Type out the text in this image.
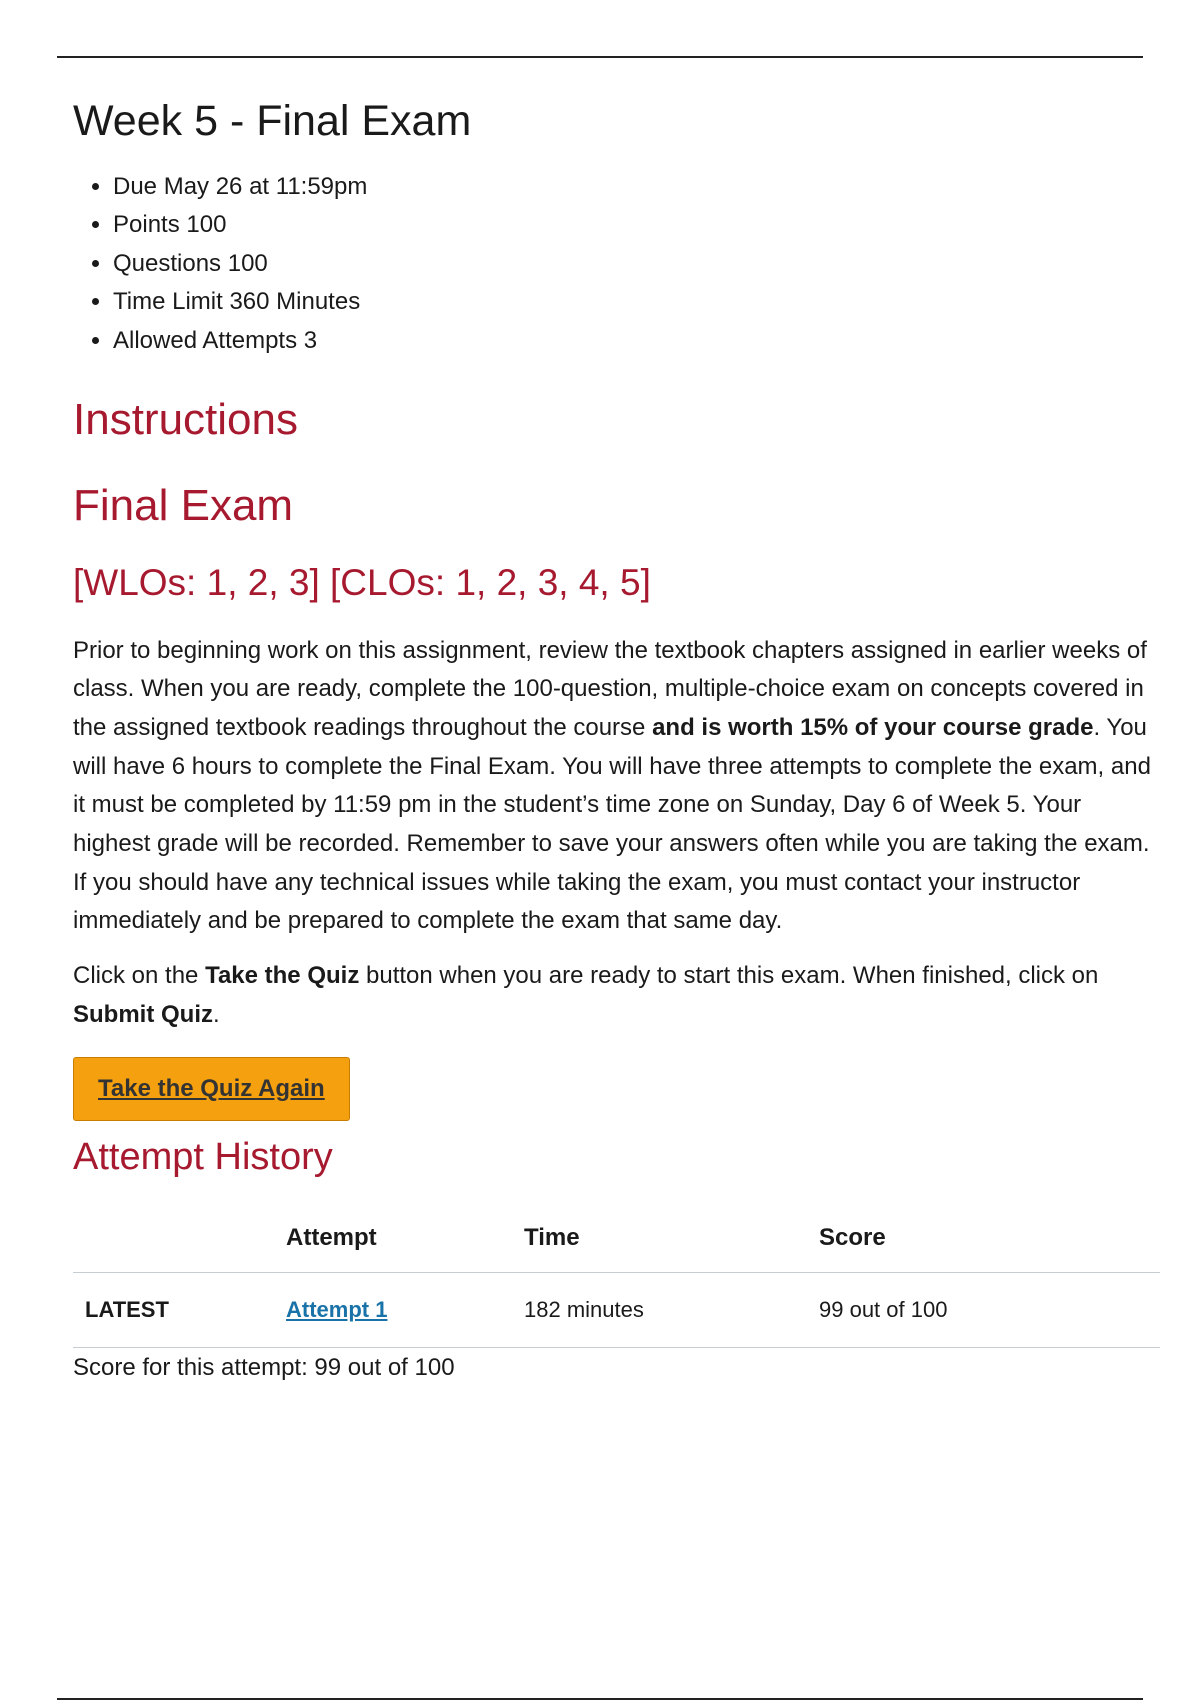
Week 5 - Final Exam
• Due May 26 at 11:59pm
• Points 100
• Questions 100
• Time Limit 360 Minutes
• Allowed Attempts 3
Instructions
Final Exam
[WLOs: 1, 2, 3] [CLOs: 1, 2, 3, 4, 5]

Prior to beginning work on this assignment, review the textbook chapters assigned in earlier weeks of class. When you are ready, complete the 100-question, multiple-choice exam on concepts covered in the assigned textbook readings throughout the course and is worth 15% of your course grade. You will have 6 hours to complete the Final Exam. You will have three attempts to complete the exam, and it must be completed by 11:59 pm in the student’s time zone on Sunday, Day 6 of Week 5. Your highest grade will be recorded. Remember to save your answers often while you are taking the exam. If you should have any technical issues while taking the exam, you must contact your instructor immediately and be prepared to complete the exam that same day.

Click on the Take the Quiz button when you are ready to start this exam. When finished, click on Submit Quiz.

Take the Quiz Again
Attempt History
	Attempt	Time	Score
LATEST	Attempt 1	182 minutes	99 out of 100
Score for this attempt: 99 out of 100
